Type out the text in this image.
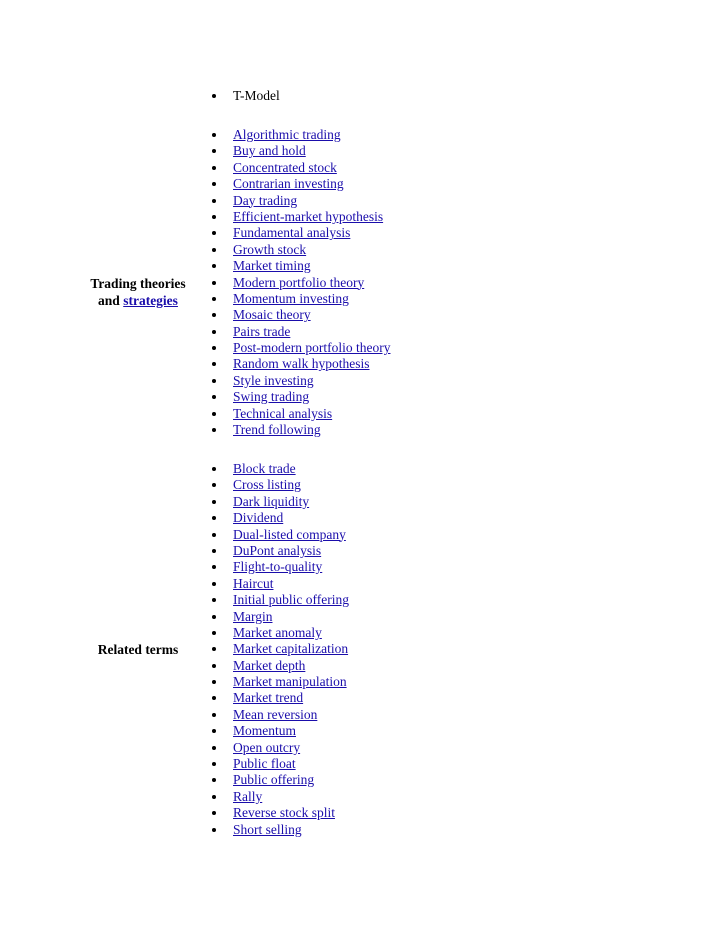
T-Model
Trading theories
and strategies
Algorithmic trading
Buy and hold
Concentrated stock
Contrarian investing
Day trading
Efficient-market hypothesis
Fundamental analysis
Growth stock
Market timing
Modern portfolio theory
Momentum investing
Mosaic theory
Pairs trade
Post-modern portfolio theory
Random walk hypothesis
Style investing
Swing trading
Technical analysis
Trend following
Related terms
Block trade
Cross listing
Dark liquidity
Dividend
Dual-listed company
DuPont analysis
Flight-to-quality
Haircut
Initial public offering
Margin
Market anomaly
Market capitalization
Market depth
Market manipulation
Market trend
Mean reversion
Momentum
Open outcry
Public float
Public offering
Rally
Reverse stock split
Short selling
